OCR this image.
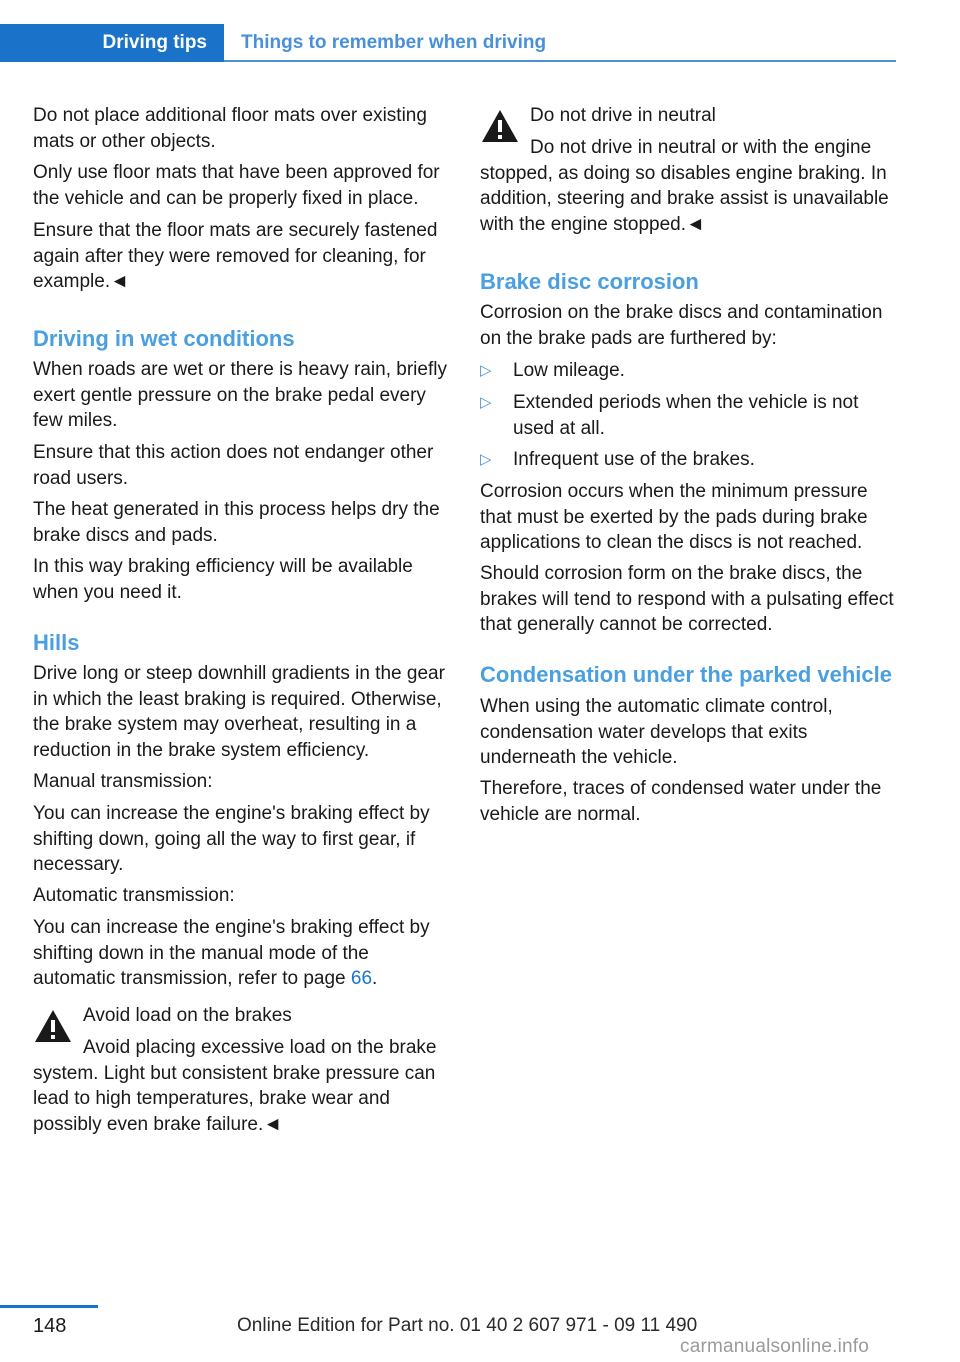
Driving tips Things to remember when driving

Do not place additional floor mats over existing mats or other objects.

Only use floor mats that have been approved for the vehicle and can be properly fixed in place.

Ensure that the floor mats are securely fastened again after they were removed for cleaning, for example.◄

Driving in wet conditions

When roads are wet or there is heavy rain, briefly exert gentle pressure on the brake pedal every few miles.

Ensure that this action does not endanger other road users.

The heat generated in this process helps dry the brake discs and pads.

In this way braking efficiency will be available when you need it.

Hills

Drive long or steep downhill gradients in the gear in which the least braking is required. Otherwise, the brake system may overheat, resulting in a reduction in the brake system efficiency.

Manual transmission:

You can increase the engine's braking effect by shifting down, going all the way to first gear, if necessary.

Automatic transmission:

You can increase the engine's braking effect by shifting down in the manual mode of the automatic transmission, refer to page 66.

Avoid load on the brakes

Avoid placing excessive load on the brake system. Light but consistent brake pressure can lead to high temperatures, brake wear and possibly even brake failure.◄

Do not drive in neutral

Do not drive in neutral or with the engine stopped, as doing so disables engine braking. In addition, steering and brake assist is unavailable with the engine stopped.◄

Brake disc corrosion

Corrosion on the brake discs and contamination on the brake pads are furthered by:

▷ Low mileage.

▷ Extended periods when the vehicle is not used at all.

▷ Infrequent use of the brakes.

Corrosion occurs when the minimum pressure that must be exerted by the pads during brake applications to clean the discs is not reached.

Should corrosion form on the brake discs, the brakes will tend to respond with a pulsating effect that generally cannot be corrected.

Condensation under the parked vehicle

When using the automatic climate control, condensation water develops that exits underneath the vehicle.

Therefore, traces of condensed water under the vehicle are normal.

148	Online Edition for Part no. 01 40 2 607 971 - 09 11 490
carmanualsonline.info
